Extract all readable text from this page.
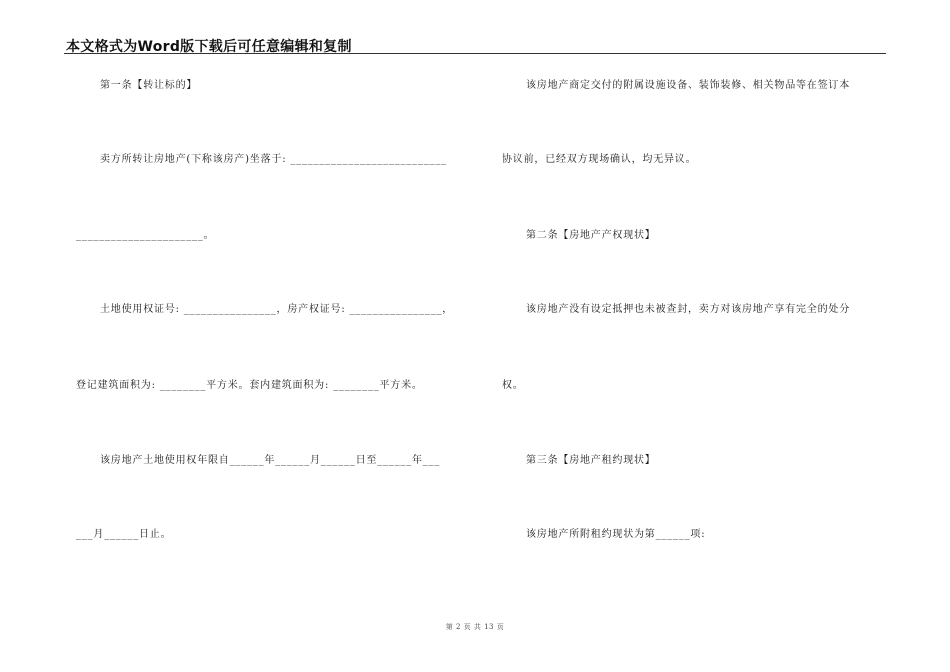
本文格式为Word版下载后可任意编辑和复制
第一条【转让标的】
卖方所转让房地产(下称该房产)坐落于: ___________________________
______________________。
土地使用权证号: ________________，房产权证号: ________________，
登记建筑面积为: ________平方米。套内建筑面积为: ________平方米。
该房地产土地使用权年限自______年______月______日至______年___
___月______日止。
该房地产商定交付的附属设施设备、装饰装修、相关物品等在签订本
协议前，已经双方现场确认，均无异议。
第二条【房地产产权现状】
该房地产没有设定抵押也未被查封，卖方对该房地产享有完全的处分
权。
第三条【房地产租约现状】
该房地产所附租约现状为第______项:
第 2 页 共 13 页
